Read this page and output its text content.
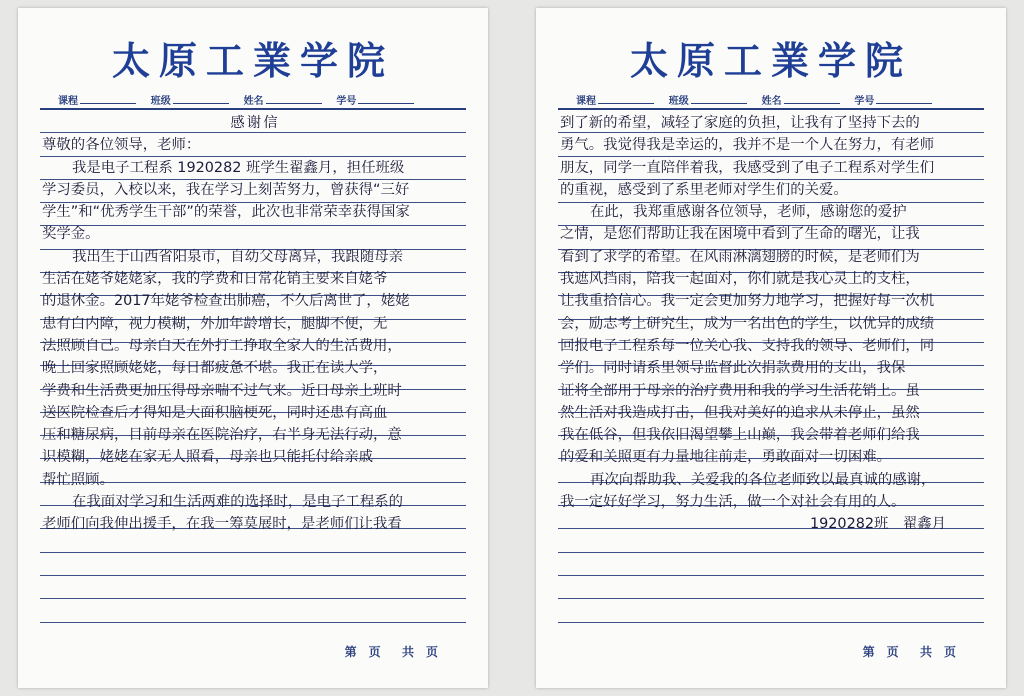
太原工業学院
课程	班级	姓名	学号
感谢信
尊敬的各位领导，老师：
我是电子工程系 1920282 班学生翟鑫月，担任班级
学习委员，入校以来，我在学习上刻苦努力，曾获得“三好
学生”和“优秀学生干部”的荣誉，此次也非常荣幸获得国家
奖学金。
我出生于山西省阳泉市，自幼父母离异，我跟随母亲
生活在姥爷姥姥家，我的学费和日常花销主要来自姥爷
的退休金。2017年姥爷检查出肺癌，不久后离世了，姥姥
患有白内障，视力模糊，外加年龄增长，腿脚不便，无
法照顾自己。母亲白天在外打工挣取全家人的生活费用，
晚上回家照顾姥姥，每日都疲惫不堪。我正在读大学，
学费和生活费更加压得母亲喘不过气来。近日母亲上班时
送医院检查后才得知是大面积脑梗死，同时还患有高血
压和糖尿病，目前母亲在医院治疗，右半身无法行动，意
识模糊，姥姥在家无人照看，母亲也只能托付给亲戚
帮忙照顾。
在我面对学习和生活两难的选择时，是电子工程系的
老师们向我伸出援手，在我一筹莫展时，是老师们让我看
第　页 共　页
太原工業学院
课程	班级	姓名	学号
到了新的希望，减轻了家庭的负担，让我有了坚持下去的
勇气。我觉得我是幸运的，我并不是一个人在努力，有老师
朋友，同学一直陪伴着我，我感受到了电子工程系对学生们
的重视，感受到了系里老师对学生们的关爱。
在此，我郑重感谢各位领导，老师，感谢您的爱护
之情，是您们帮助让我在困境中看到了生命的曙光，让我
看到了求学的希望。在风雨淋漓翅膀的时候，是老师们为
我遮风挡雨，陪我一起面对，你们就是我心灵上的支柱，
让我重拾信心。我一定会更加努力地学习，把握好每一次机
会，励志考上研究生，成为一名出色的学生，以优异的成绩
回报电子工程系每一位关心我、支持我的领导、老师们，同
学们。同时请系里领导监督此次捐款费用的支出，我保
证将全部用于母亲的治疗费用和我的学习生活花销上。虽
然生活对我造成打击，但我对美好的追求从未停止，虽然
我在低谷，但我依旧渴望攀上山巅，我会带着老师们给我
的爱和关照更有力量地往前走，勇敢面对一切困难。
再次向帮助我、关爱我的各位老师致以最真诚的感谢，
我一定好好学习，努力生活，做一个对社会有用的人。
1920282班　翟鑫月
第　页 共　页
